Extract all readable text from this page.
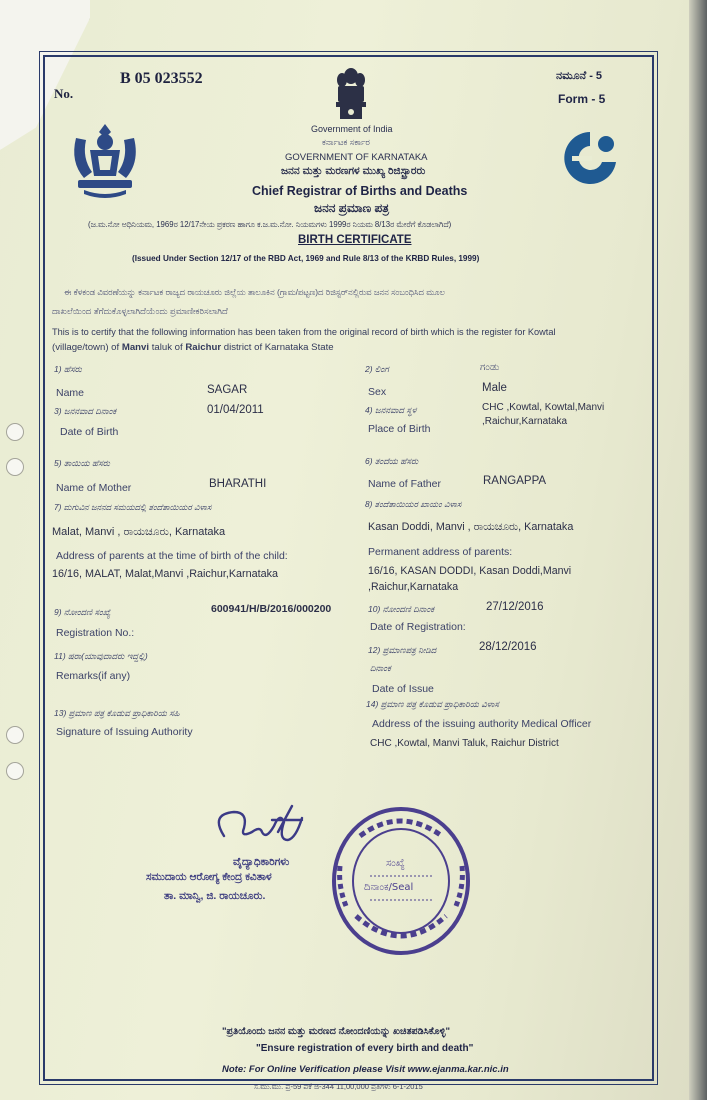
No.
B 05 023552	ನಮೂನೆ - 5
Form - 5
Government of India
ಕರ್ನಾಟಕ ಸರ್ಕಾರ
GOVERNMENT OF KARNATAKA
ಜನನ ಮತ್ತು ಮರಣಗಳ ಮುಖ್ಯ ರಿಜಿಸ್ಟ್ರಾರರು
Chief Registrar of Births and Deaths
ಜನನ ಪ್ರಮಾಣ ಪತ್ರ
(ಜ.ಮ.ನೋ ಅಧಿನಿಯಮ, 1969ರ 12/17ನೇಯ ಪ್ರಕರಣ ಹಾಗೂ ಕ.ಜ.ಮ.ನೋ. ನಿಯಮಗಳು 1999ರ ನಿಯಮ 8/13ರ ಮೇರೆಗೆ ಕೊಡಲಾಗಿದೆ)
BIRTH CERTIFICATE
(Issued Under Section 12/17 of the RBD Act, 1969 and Rule 8/13 of the KRBD Rules, 1999)
ಈ ಕೆಳಕಂಡ ವಿವರಣೆಯನ್ನು ಕರ್ನಾಟಕ ರಾಜ್ಯದ ರಾಯಚೂರು ಜಿಲ್ಲೆಯ ತಾಲೂಕಿನ (ಗ್ರಾಮ/ಪಟ್ಟಣ)ದ ರಿಜಿಸ್ಟರ್‌ನಲ್ಲಿರುವ ಜನನ ಸಂಬಂಧಿಸಿದ ಮೂಲ
ದಾಖಲೆಯಿಂದ ತೆಗೆದುಕೊಳ್ಳಲಾಗಿದೆಯೆಂದು ಪ್ರಮಾಣೀಕರಿಸಲಾಗಿದೆ
This is to certify that the following information has been taken from the original record of birth which is the register for Kowtal
(village/town) of Manvi taluk of Raichur district of Karnataka State
1) ಹೆಸರು
Name	SAGAR
2) ಲಿಂಗ	ಗಂಡು
Sex	Male
3) ಜನನವಾದ ದಿನಾಂಕ	01/04/2011
Date of Birth
4) ಜನನವಾದ ಸ್ಥಳ	CHC ,Kowtal, Kowtal,Manvi
,Raichur,Karnataka
Place of Birth
5) ತಾಯಿಯ ಹೆಸರು
Name of Mother	BHARATHI
6) ತಂದೆಯ ಹೆಸರು
Name of Father	RANGAPPA
7) ಮಗುವಿನ ಜನನದ ಸಮಯದಲ್ಲಿ ತಂದೆತಾಯಿಯರ ವಿಳಾಸ
Malat, Manvi , ರಾಯಚೂರು, Karnataka
Address of parents at the time of birth of the child:
16/16, MALAT, Malat,Manvi ,Raichur,Karnataka
8) ತಂದೆತಾಯಿಯರ ಖಾಯಂ ವಿಳಾಸ
Kasan Doddi, Manvi , ರಾಯಚೂರು, Karnataka
Permanent address of parents:
16/16, KASAN DODDI, Kasan Doddi,Manvi
,Raichur,Karnataka
9) ನೋಂದಣಿ ಸಂಖ್ಯೆ	600941/H/B/2016/000200
Registration No.:
10) ನೋಂದಣಿ ದಿನಾಂಕ	27/12/2016
Date of Registration:
11) ಷರಾ(ಯಾವುದಾದರು ಇದ್ದಲ್ಲಿ)
Remarks(if any)
12) ಪ್ರಮಾಣಪತ್ರ ನೀಡಿದ	28/12/2016
ದಿನಾಂಕ
Date of Issue
13) ಪ್ರಮಾಣ ಪತ್ರ ಕೊಡುವ ಪ್ರಾಧಿಕಾರಿಯ ಸಹಿ
Signature of Issuing Authority
14) ಪ್ರಮಾಣ ಪತ್ರ ಕೊಡುವ ಪ್ರಾಧಿಕಾರಿಯ ವಿಳಾಸ
Address of the issuing authority Medical Officer
CHC ,Kowtal, Manvi Taluk, Raichur District
ವೈದ್ಯಾಧಿಕಾರಿಗಳು
ಸಮುದಾಯ ಆರೋಗ್ಯ ಕೇಂದ್ರ ಕವಿತಾಳ
ತಾ. ಮಾನ್ವಿ, ಜಿ. ರಾಯಚೂರು.
ಸಂಖ್ಯೆ
ದಿನಾಂಕ/Seal
"ಪ್ರತಿಯೊಂದು ಜನನ ಮತ್ತು ಮರಣದ ನೋಂದಣಿಯನ್ನು ಖಚಿತಪಡಿಸಿಕೊಳ್ಳಿ"
"Ensure registration of every birth and death"
Note: For Online Verification please Visit www.ejanma.kar.nic.in
ಸ.ಮು.ಮು. ಪ್ರ-59 ಪಕೆ ಜಿ-344 11,00,000 ಪ್ರತಿಗಳು 6-1-2015
